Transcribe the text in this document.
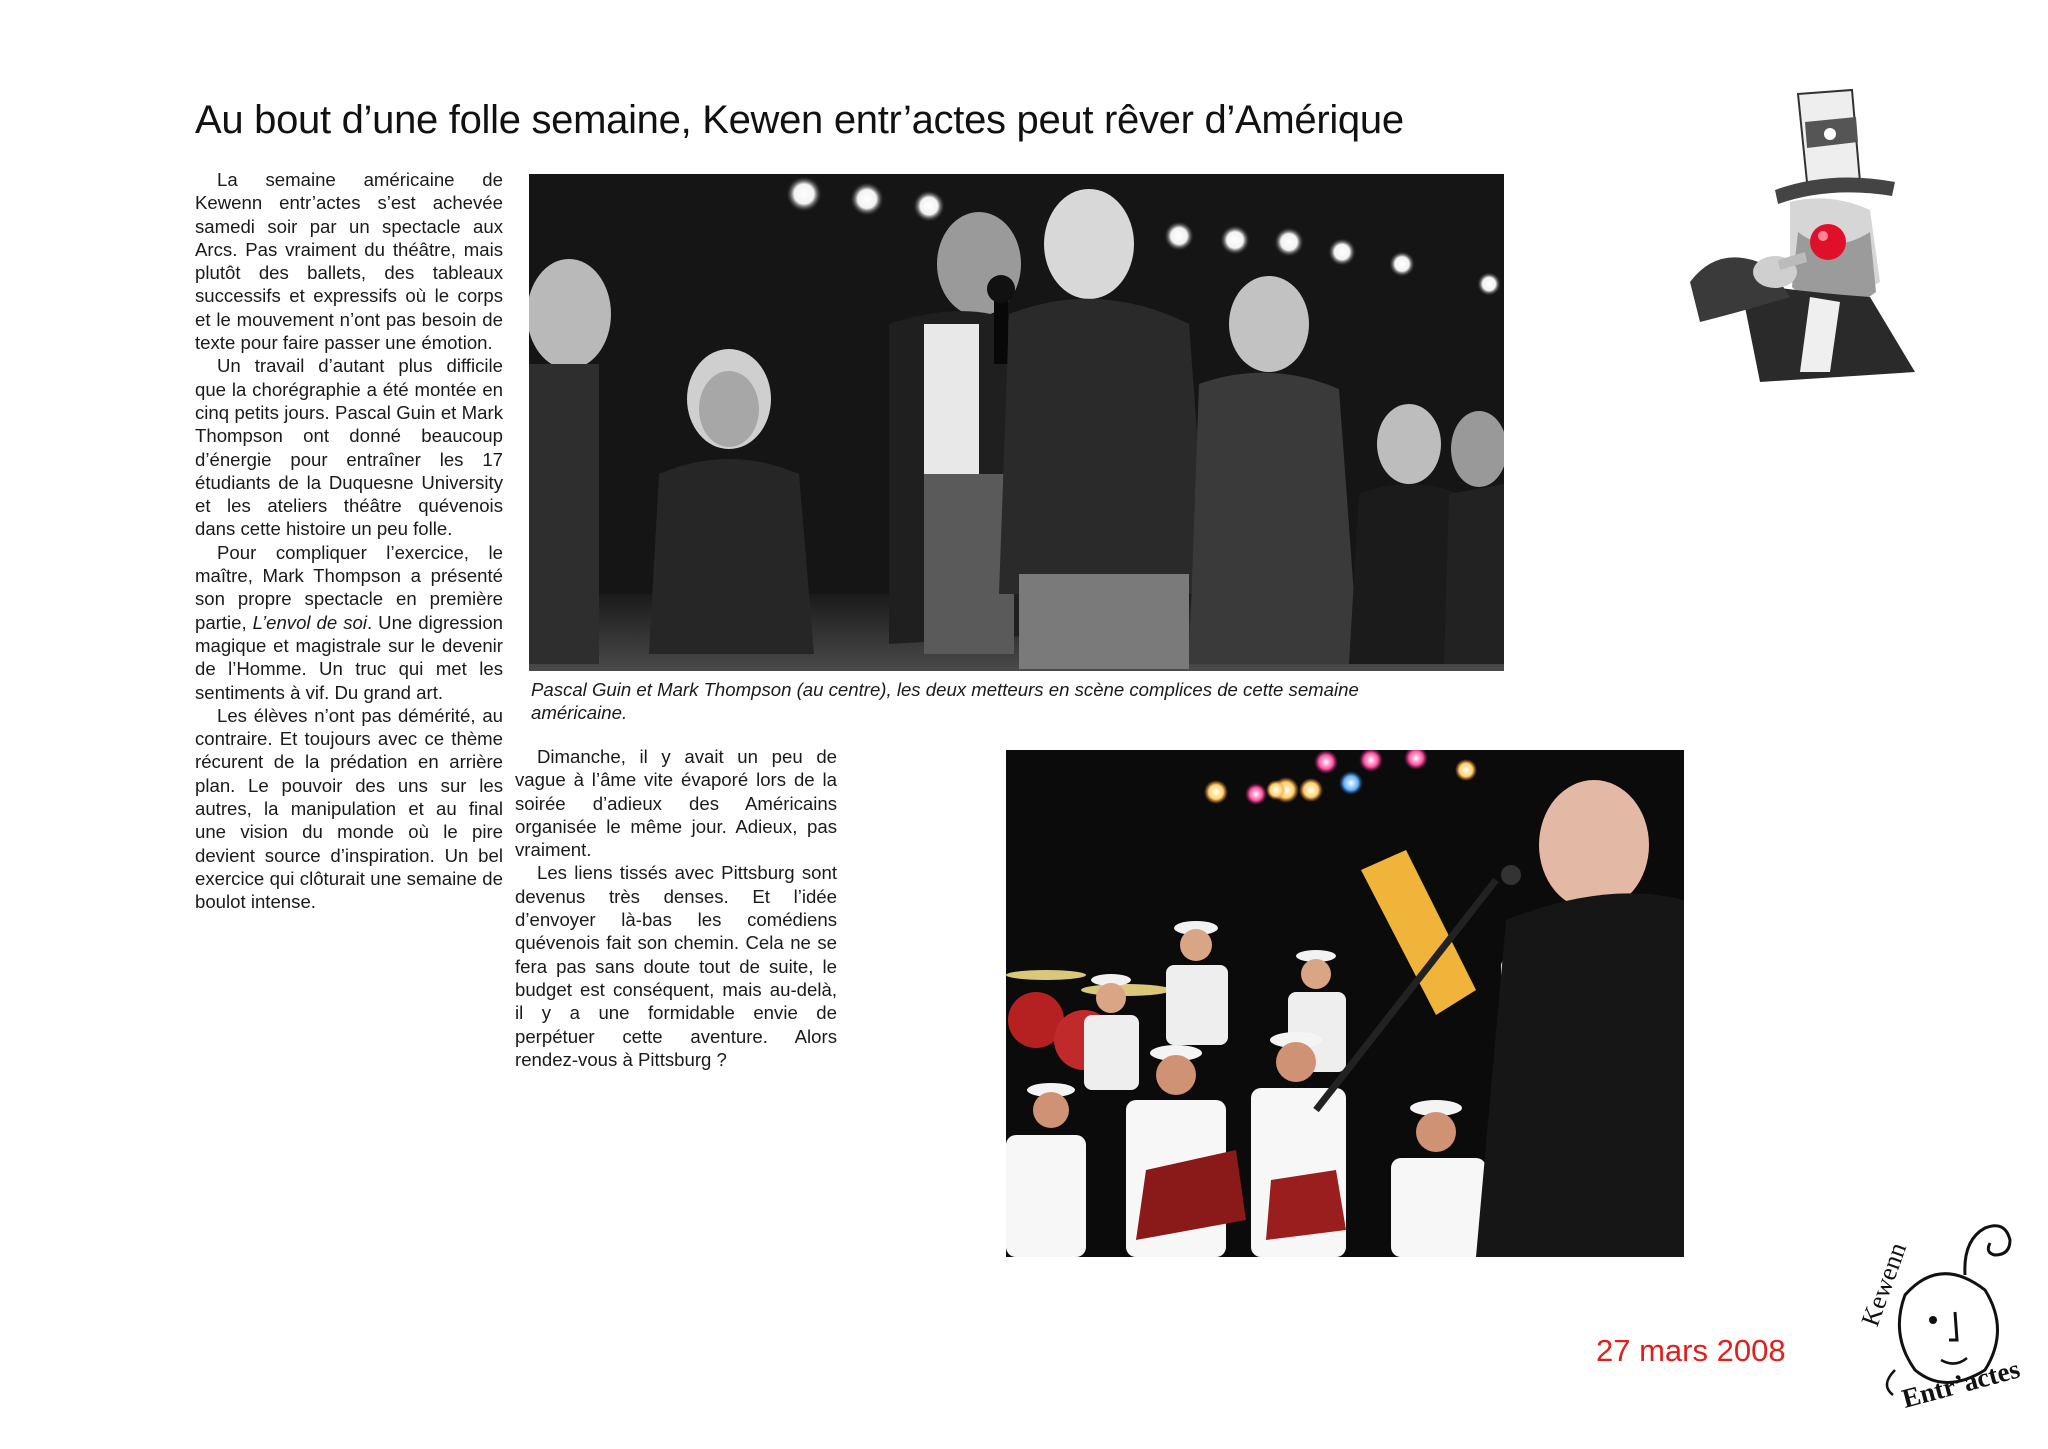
Au bout d’une folle semaine, Kewen entr’actes peut rêver d’Amérique

La semaine américaine de Kewenn entr’actes s’est achevée samedi soir par un spectacle aux Arcs. Pas vraiment du théâtre, mais plutôt des ballets, des tableaux successifs et expressifs où le corps et le mouvement n’ont pas besoin de texte pour faire passer une émotion.

Un travail d’autant plus difficile que la chorégraphie a été montée en cinq petits jours. Pascal Guin et Mark Thompson ont donné beaucoup d’énergie pour entraîner les 17 étudiants de la Duquesne University et les ateliers théâtre quévenois dans cette histoire un peu folle.

Pour compliquer l’exercice, le maître, Mark Thompson a présenté son propre spectacle en première partie, L’envol de soi. Une digression magique et magistrale sur le devenir de l’Homme. Un truc qui met les sentiments à vif. Du grand art.

Les élèves n’ont pas démérité, au contraire. Et toujours avec ce thème récurent de la prédation en arrière plan. Le pouvoir des uns sur les autres, la manipulation et au final une vision du monde où le pire devient source d’inspiration. Un bel exercice qui clôturait une semaine de boulot intense.

Pascal Guin et Mark Thompson (au centre), les deux metteurs en scène complices de cette semaine américaine.

Dimanche, il y avait un peu de vague à l’âme vite évaporé lors de la soirée d’adieux des Américains organisée le même jour. Adieux, pas vraiment.

Les liens tissés avec Pittsburg sont devenus très denses. Et l’idée d’envoyer là-bas les comédiens quévenois fait son chemin. Cela ne se fera pas sans doute tout de suite, le budget est conséquent, mais au-delà, il y a une formidable envie de perpétuer cette aventure. Alors rendez-vous à Pittsburg ?

27 mars 2008
Kewenn
Entr’actes
